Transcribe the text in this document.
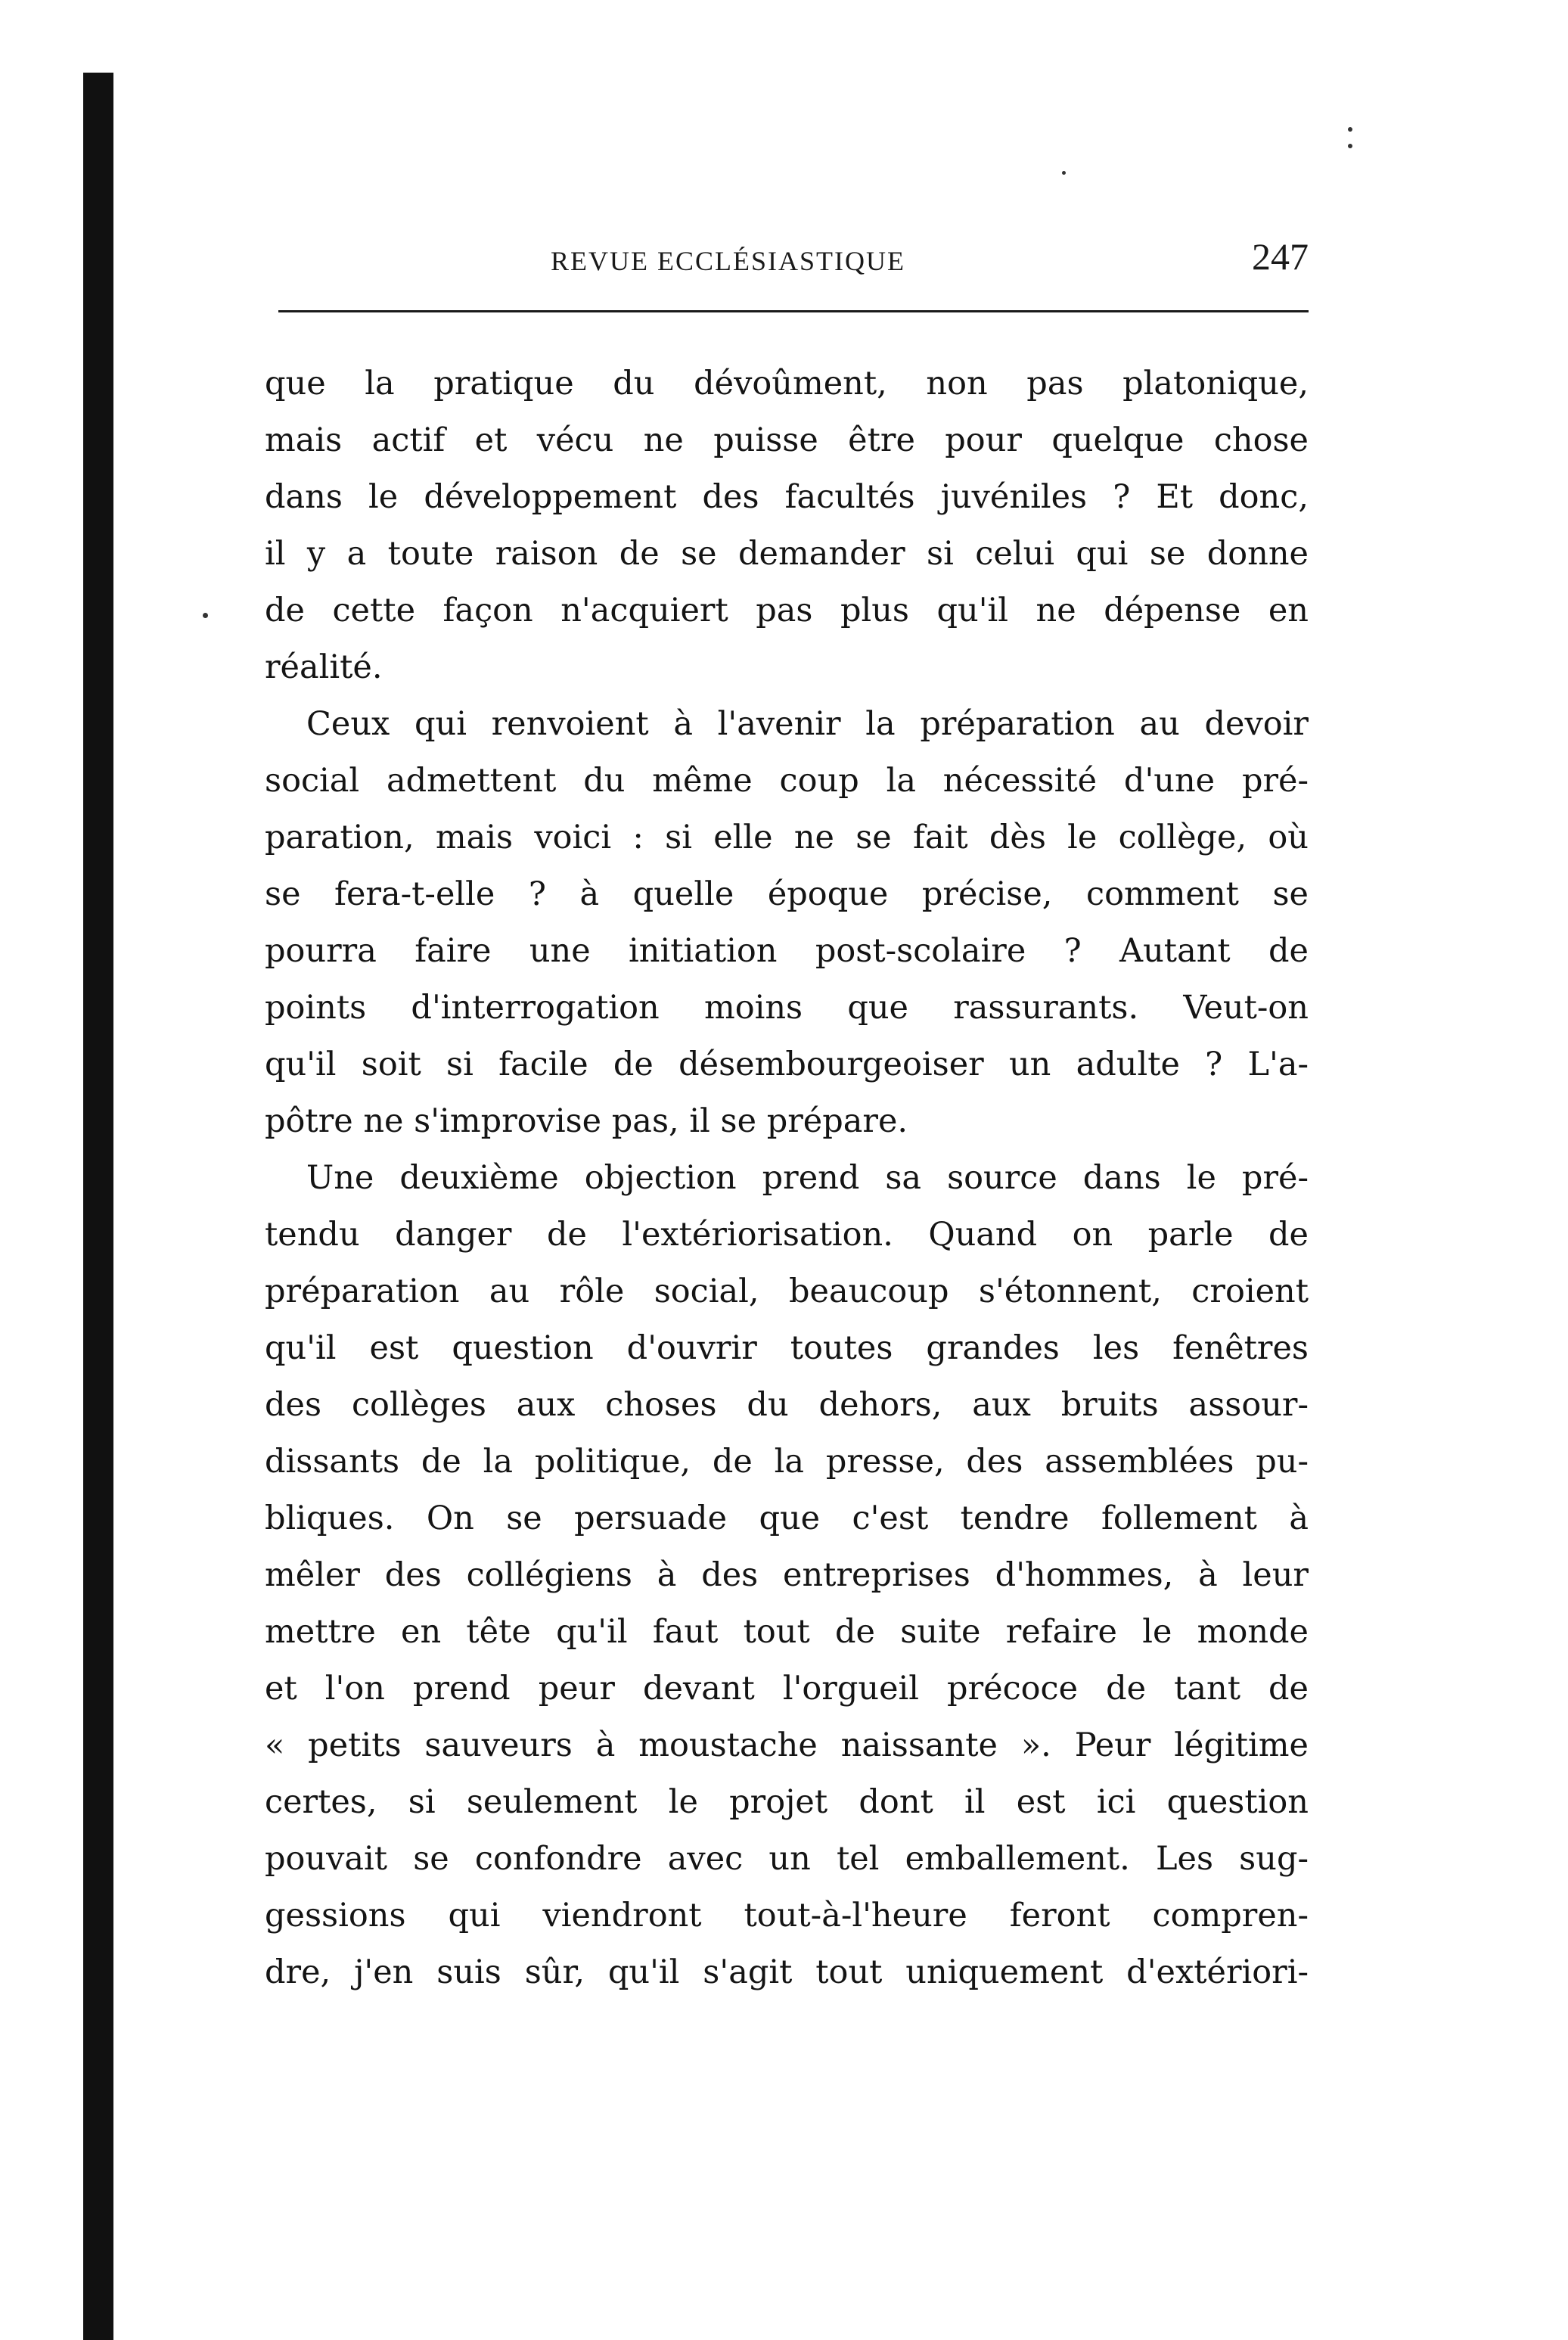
REVUE ECCLÉSIASTIQUE	247
que la pratique du dévoûment, non pas platonique,
mais actif et vécu ne puisse être pour quelque chose
dans le développement des facultés juvéniles ? Et donc,
il y a toute raison de se demander si celui qui se donne
de cette façon n'acquiert pas plus qu'il ne dépense en
réalité.
Ceux qui renvoient à l'avenir la préparation au devoir
social admettent du même coup la nécessité d'une pré-
paration, mais voici : si elle ne se fait dès le collège, où
se fera-t-elle ? à quelle époque précise, comment se
pourra faire une initiation post-scolaire ? Autant de
points d'interrogation moins que rassurants. Veut-on
qu'il soit si facile de désembourgeoiser un adulte ? L'a-
pôtre ne s'improvise pas, il se prépare.
Une deuxième objection prend sa source dans le pré-
tendu danger de l'extériorisation. Quand on parle de
préparation au rôle social, beaucoup s'étonnent, croient
qu'il est question d'ouvrir toutes grandes les fenêtres
des collèges aux choses du dehors, aux bruits assour-
dissants de la politique, de la presse, des assemblées pu-
bliques. On se persuade que c'est tendre follement à
mêler des collégiens à des entreprises d'hommes, à leur
mettre en tête qu'il faut tout de suite refaire le monde
et l'on prend peur devant l'orgueil précoce de tant de
« petits sauveurs à moustache naissante ». Peur légitime
certes, si seulement le projet dont il est ici question
pouvait se confondre avec un tel emballement. Les sug-
gessions qui viendront tout-à-l'heure feront compren-
dre, j'en suis sûr, qu'il s'agit tout uniquement d'extériori-
